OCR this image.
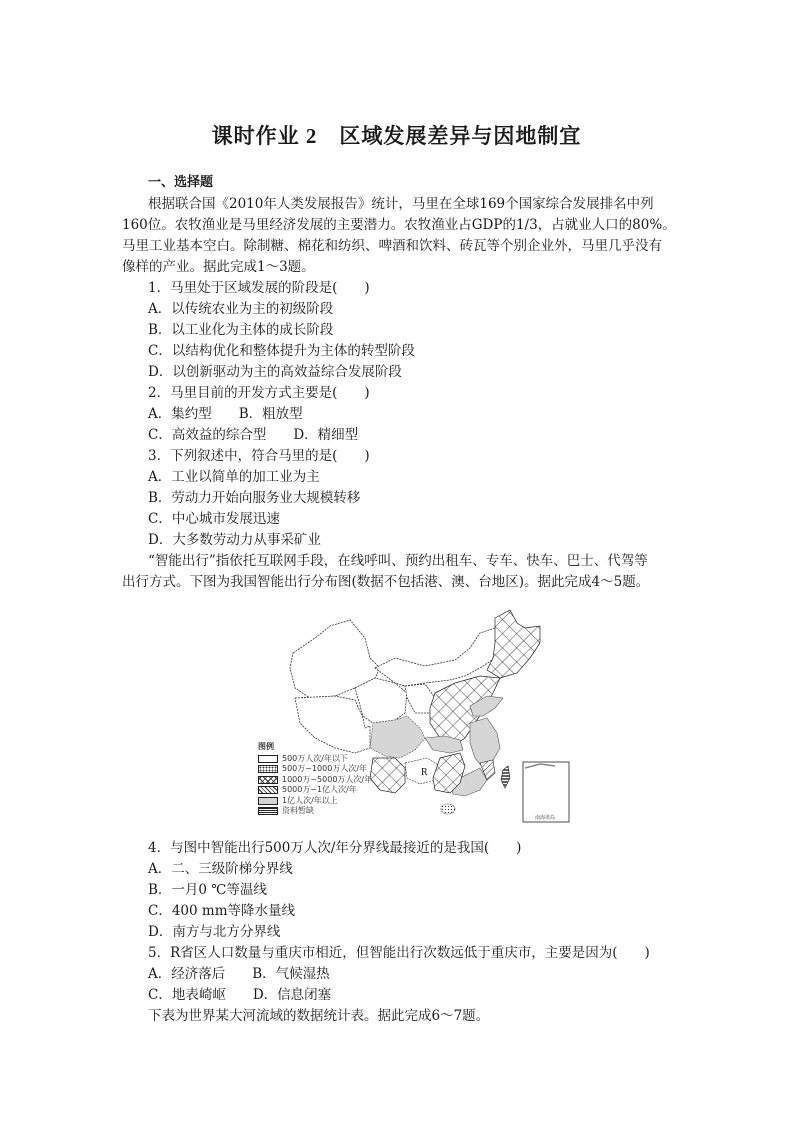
课时作业 2　 区域发展差异与因地制宜
一、选择题
根据联合国《2010年人类发展报告》统计，马里在全球169个国家综合发展排名中列
160位。农牧渔业是马里经济发展的主要潜力。农牧渔业占GDP的1/3，占就业人口的80%。
马里工业基本空白。除制糖、棉花和纺织、啤酒和饮料、砖瓦等个别企业外，马里几乎没有
像样的产业。据此完成1～3题。
1．马里处于区域发展的阶段是(　　)
A．以传统农业为主的初级阶段
B．以工业化为主体的成长阶段
C．以结构优化和整体提升为主体的转型阶段
D．以创新驱动为主的高效益综合发展阶段
2．马里目前的开发方式主要是(　　)
A．集约型　　B．粗放型
C．高效益的综合型　　D．精细型
3．下列叙述中，符合马里的是(　　)
A．工业以简单的加工业为主
B．劳动力开始向服务业大规模转移
C．中心城市发展迅速
D．大多数劳动力从事采矿业
“智能出行”指依托互联网手段，在线呼叫、预约出租车、专车、快车、巴士、代驾等
出行方式。下图为我国智能出行分布图(数据不包括港、澳、台地区)。据此完成4～5题。
R
南海诸岛
图例
500万人次/年以下
500万~1000万人次/年
1000万~5000万人次/年
5000万~1亿人次/年
1亿人次/年以上
资料暂缺
4．与图中智能出行500万人次/年分界线最接近的是我国(　　)
A．二、三级阶梯分界线
B．一月0 ℃等温线
C．400 mm等降水量线
D．南方与北方分界线
5．R省区人口数量与重庆市相近，但智能出行次数远低于重庆市，主要是因为(　　)
A．经济落后　　B．气候湿热
C．地表崎岖　　D．信息闭塞
下表为世界某大河流域的数据统计表。据此完成6～7题。
